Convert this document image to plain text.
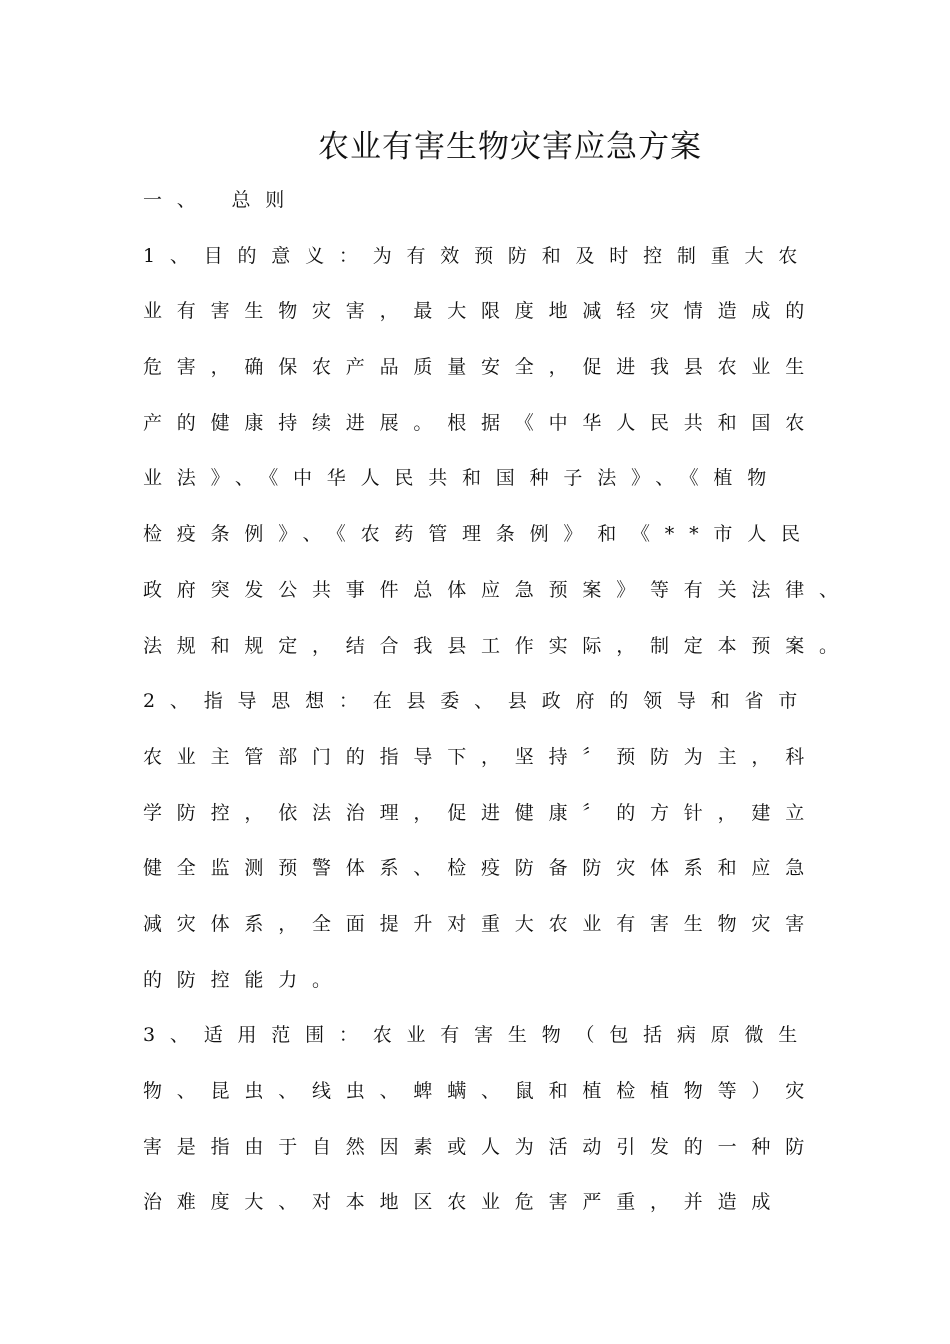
农业有害生物灾害应急方案
一、 总则
1、目的意义：为有效预防和及时控制重大农
业有害生物灾害，最大限度地减轻灾情造成的
危害，确保农产品质量安全，促进我县农业生
产的健康持续进展。根据《中华人民共和国农
业法》、《中华人民共和国种子法》、《植物
检疫条例》、《农药管理条例》和《**市人民
政府突发公共事件总体应急预案》等有关法律、
法规和规定，结合我县工作实际，制定本预案。
2、指导思想：在县委、县政府的领导和省市
农业主管部门的指导下，坚持〞预防为主，科
学防控，依法治理，促进健康〞的方针，建立
健全监测预警体系、检疫防备防灾体系和应急
减灾体系，全面提升对重大农业有害生物灾害
的防控能力。
3、适用范围：农业有害生物（包括病原微生
物、昆虫、线虫、蜱螨、鼠和植检植物等）灾
害是指由于自然因素或人为活动引发的一种防
治难度大、对本地区农业危害严重，并造成
